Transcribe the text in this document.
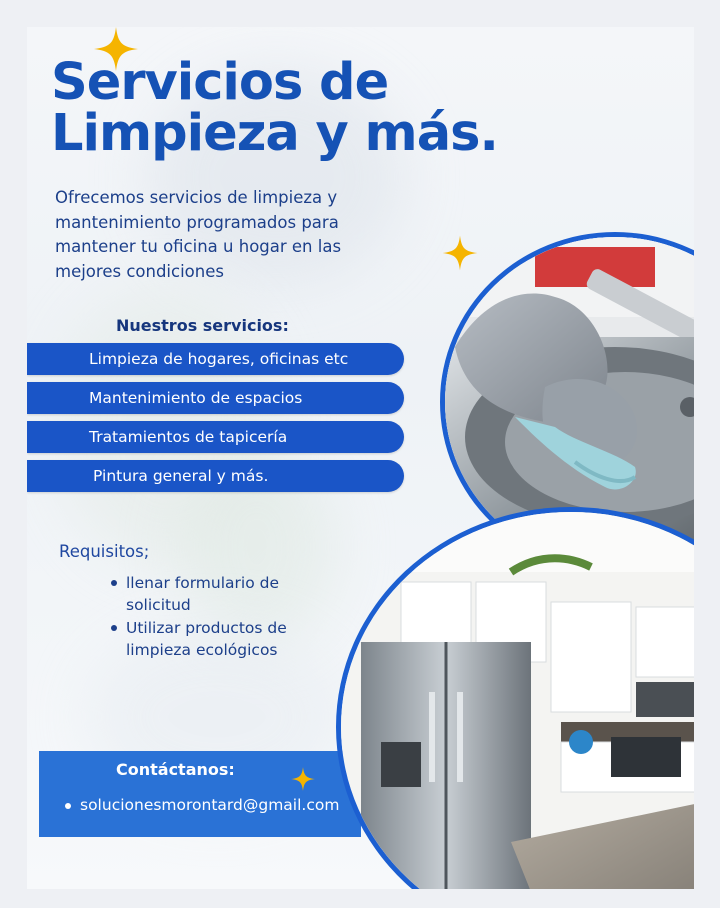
Servicios de
Limpieza y más.

Ofrecemos servicios de limpieza y mantenimiento programados para mantener tu oficina u hogar en las mejores condiciones

Nuestros servicios:
Limpieza de hogares, oficinas etc
Mantenimiento de espacios
Tratamientos de tapicería
Pintura general y más.
Requisitos;
llenar formulario de solicitud
Utilizar productos de limpieza ecológicos
Contáctanos:
solucionesmorontard@gmail.com
